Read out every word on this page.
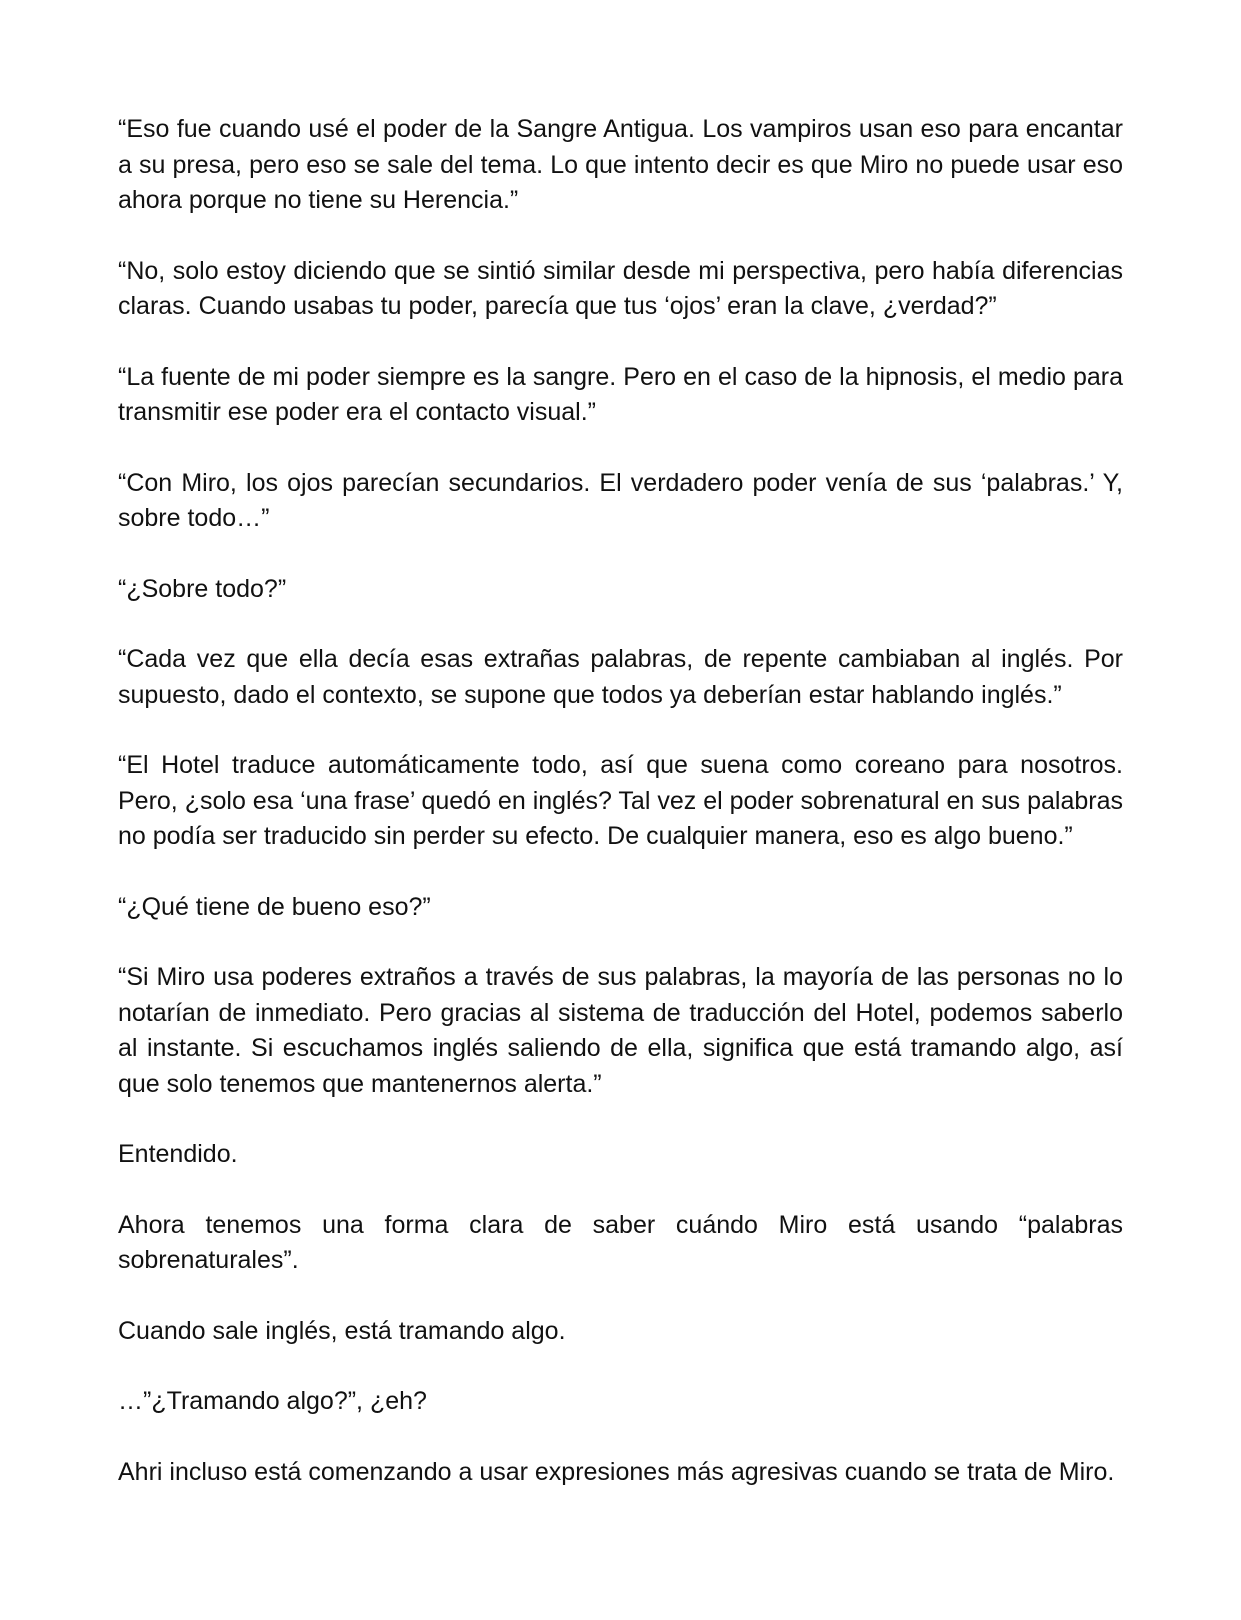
“Eso fue cuando usé el poder de la Sangre Antigua. Los vampiros usan eso para encantar a su presa, pero eso se sale del tema. Lo que intento decir es que Miro no puede usar eso ahora porque no tiene su Herencia.”

“No, solo estoy diciendo que se sintió similar desde mi perspectiva, pero había diferencias claras. Cuando usabas tu poder, parecía que tus ‘ojos’ eran la clave, ¿verdad?”

“La fuente de mi poder siempre es la sangre. Pero en el caso de la hipnosis, el medio para transmitir ese poder era el contacto visual.”

“Con Miro, los ojos parecían secundarios. El verdadero poder venía de sus ‘palabras.’ Y, sobre todo…”

“¿Sobre todo?”

“Cada vez que ella decía esas extrañas palabras, de repente cambiaban al inglés. Por supuesto, dado el contexto, se supone que todos ya deberían estar hablando inglés.”

“El Hotel traduce automáticamente todo, así que suena como coreano para nosotros. Pero, ¿solo esa ‘una frase’ quedó en inglés? Tal vez el poder sobrenatural en sus palabras no podía ser traducido sin perder su efecto. De cualquier manera, eso es algo bueno.”

“¿Qué tiene de bueno eso?”

“Si Miro usa poderes extraños a través de sus palabras, la mayoría de las personas no lo notarían de inmediato. Pero gracias al sistema de traducción del Hotel, podemos saberlo al instante. Si escuchamos inglés saliendo de ella, significa que está tramando algo, así que solo tenemos que mantenernos alerta.”

Entendido.

Ahora tenemos una forma clara de saber cuándo Miro está usando “palabras sobrenaturales”.

Cuando sale inglés, está tramando algo.

…”¿Tramando algo?”, ¿eh?

Ahri incluso está comenzando a usar expresiones más agresivas cuando se trata de Miro.
